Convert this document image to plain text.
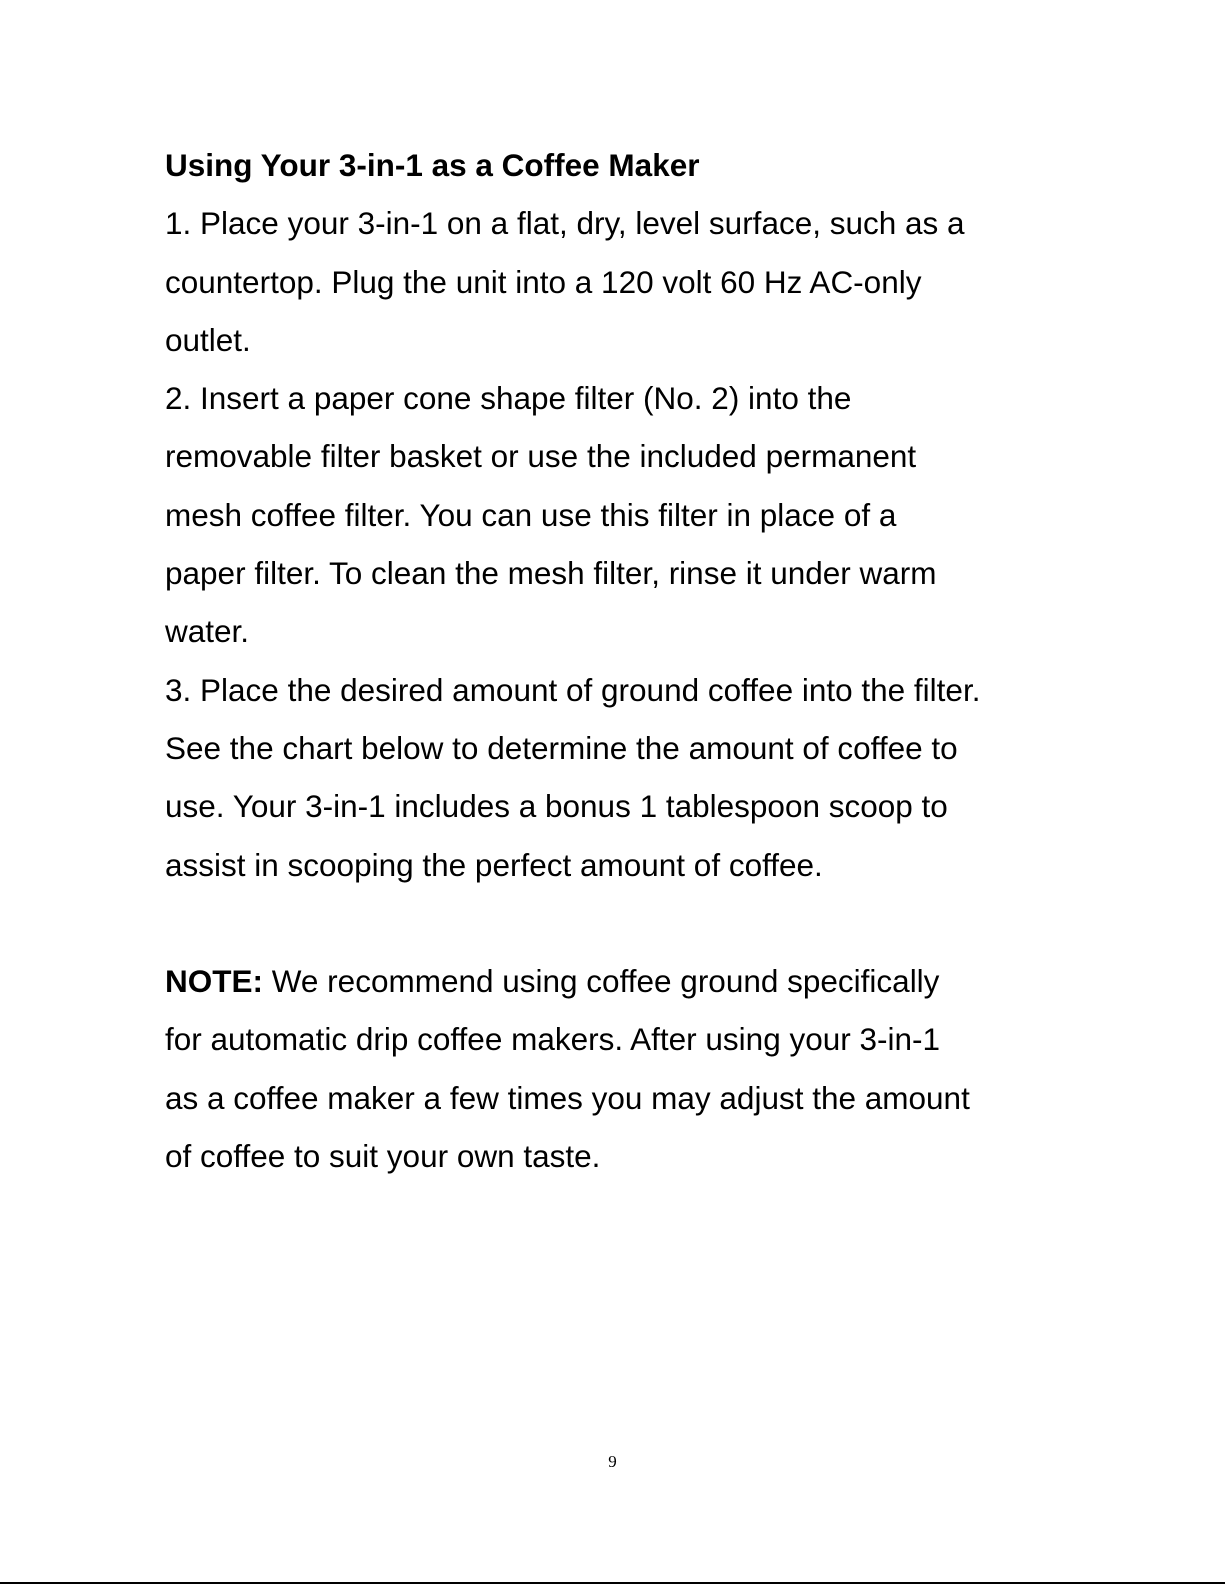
Using Your 3-in-1 as a Coffee Maker
1. Place your 3-in-1 on a flat, dry, level surface, such as a
countertop. Plug the unit into a 120 volt 60 Hz AC-only
outlet.
2. Insert a paper cone shape filter (No. 2) into the
removable filter basket or use the included permanent
mesh coffee filter. You can use this filter in place of a
paper filter. To clean the mesh filter, rinse it under warm
water.
3. Place the desired amount of ground coffee into the filter.
See the chart below to determine the amount of coffee to
use. Your 3-in-1 includes a bonus 1 tablespoon scoop to
assist in scooping the perfect amount of coffee.
NOTE: We recommend using coffee ground specifically
for automatic drip coffee makers. After using your 3-in-1
as a coffee maker a few times you may adjust the amount
of coffee to suit your own taste.
9
